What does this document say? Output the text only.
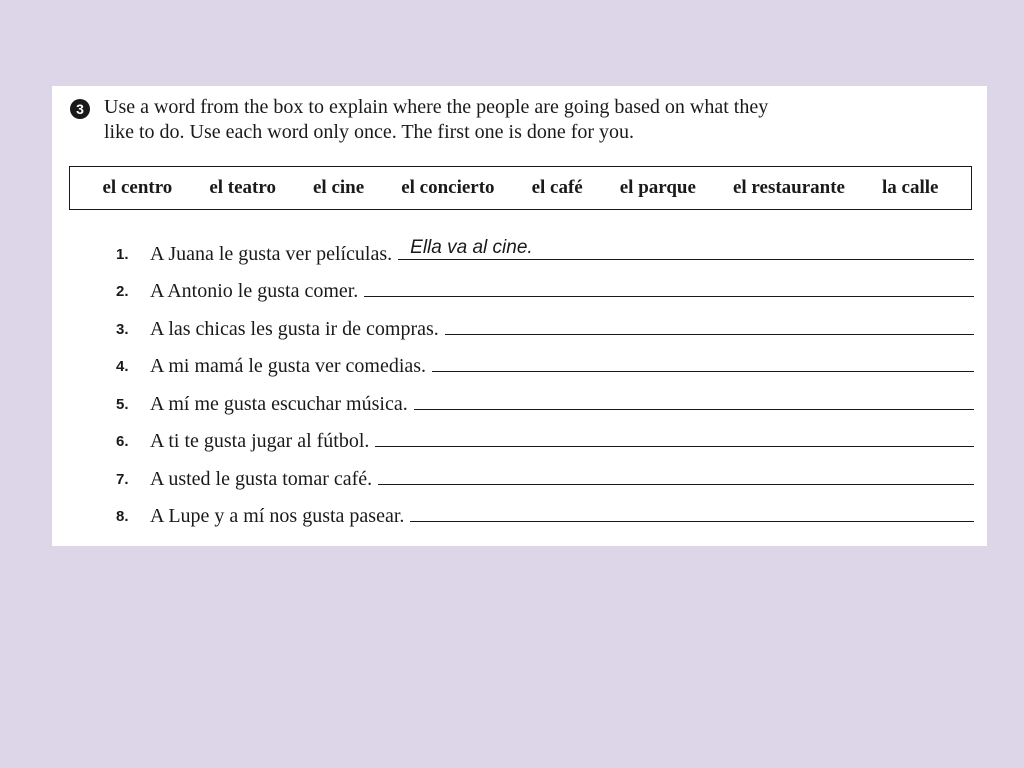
3	Use a word from the box to explain where the people are going based on what they
like to do. Use each word only once. The first one is done for you.
el centro el teatro el cine el concierto el café el parque el restaurante la calle
1.	A Juana le gusta ver películas. Ella va al cine.
2.	A Antonio le gusta comer.
3.	A las chicas les gusta ir de compras.
4.	A mi mamá le gusta ver comedias.
5.	A mí me gusta escuchar música.
6.	A ti te gusta jugar al fútbol.
7.	A usted le gusta tomar café.
8.	A Lupe y a mí nos gusta pasear.
